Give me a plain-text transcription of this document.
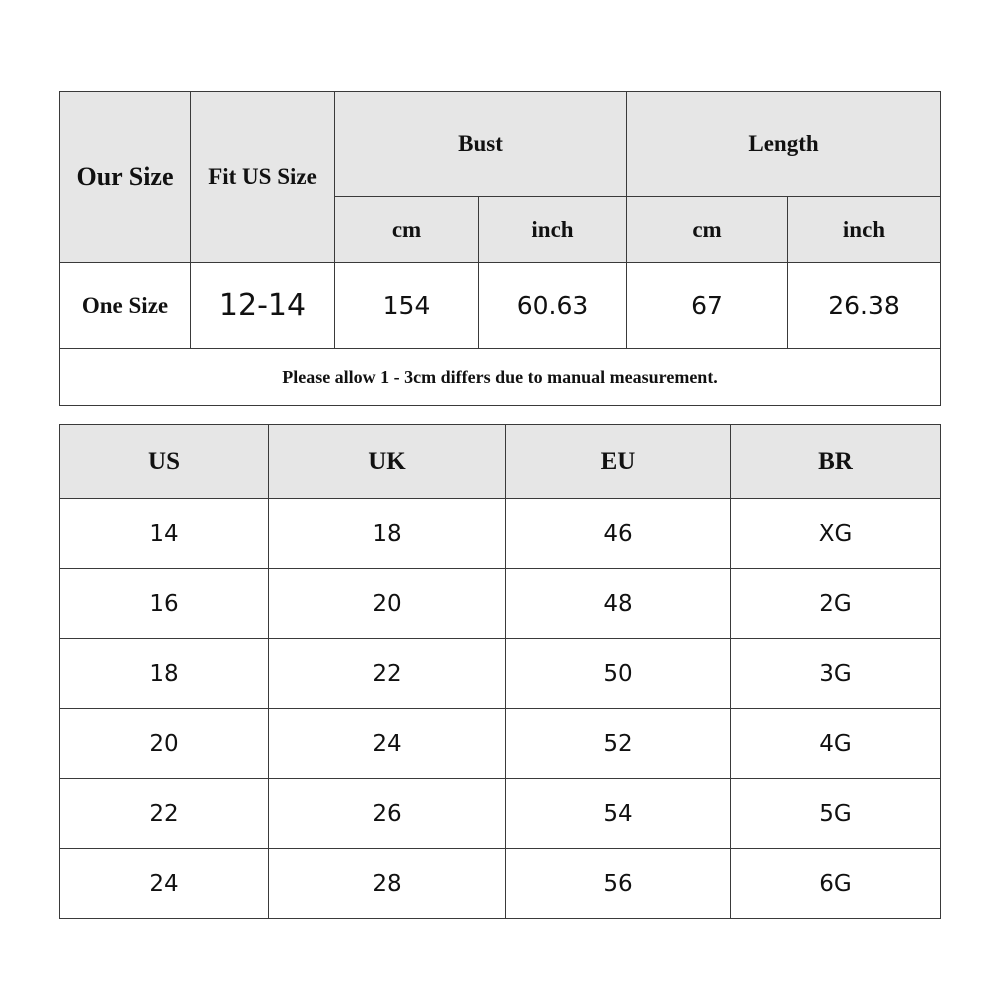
Our Size	Fit US Size	Bust		Length	
		cm	inch	cm	inch
One Size	12-14	154	60.63	67	26.38
Please allow 1 - 3cm differs due to manual measurement.					
US	UK	EU	BR
14	18	46	XG
16	20	48	2G
18	22	50	3G
20	24	52	4G
22	26	54	5G
24	28	56	6G
